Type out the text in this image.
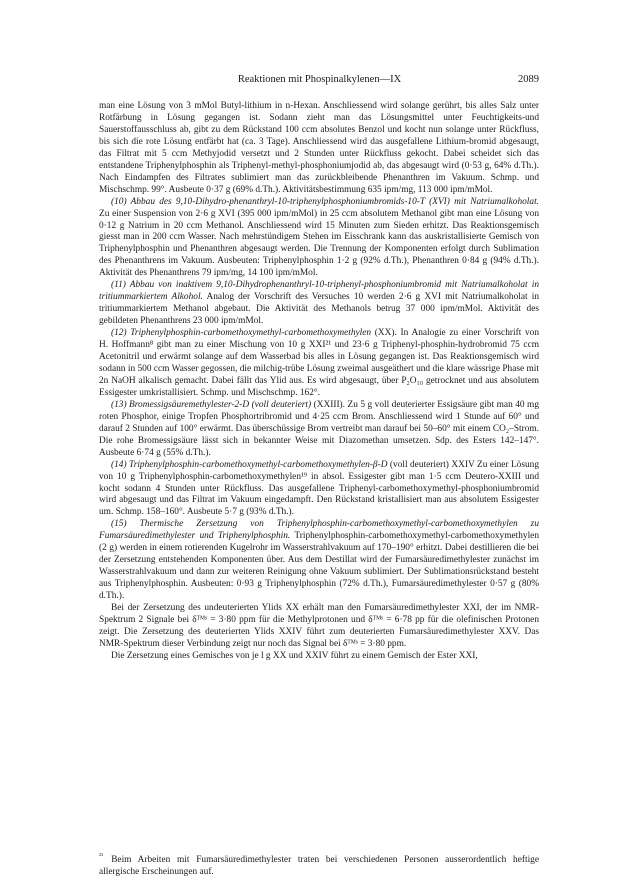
Reaktionen mit Phospinalkylenen—IX	2089

man eine Lösung von 3 mMol Butyl-lithium in n-Hexan. Anschliessend wird solange gerührt, bis alles Salz unter Rotfärbung in Lösung gegangen ist. Sodann zieht man das Lösungsmittel unter Feuchtigkeits-und Sauerstoffausschluss ab, gibt zu dem Rückstand 100 ccm absolutes Benzol und kocht nun solange unter Rückfluss, bis sich die rote Lösung entfärbt hat (ca. 3 Tage). Anschliessend wird das ausgefallene Lithium-bromid abgesaugt, das Filtrat mit 5 ccm Methyjodid versetzt und 2 Stunden unter Rückfluss gekocht. Dabei scheidet sich das entstandene Triphenylphosphin als Triphenyl-methyl-phosphoniumjodid ab, das abgesaugt wird (0·53 g, 64% d.Th.). Nach Eindampfen des Filtrates sublimiert man das zurückbleibende Phenanthren im Vakuum. Schmp. und Mischschmp. 99°. Ausbeute 0·37 g (69% d.Th.). Aktivitätsbestimmung 635 ipm/mg, 113 000 ipm/mMol.

(10) Abbau des 9,10-Dihydro-phenanthryl-10-triphenylphosphoniumbromids-10-T (XVI) mit Natriumalkoholat. Zu einer Suspension von 2·6 g XVI (395 000 ipm/mMol) in 25 ccm absolutem Methanol gibt man eine Lösung von 0·12 g Natrium in 20 ccm Methanol. Anschliessend wird 15 Minuten zum Sieden erhitzt. Das Reaktionsgemisch giesst man in 200 ccm Wasser. Nach mehrstündigem Stehen im Eisschrank kann das auskristallisierte Gemisch von Triphenylphosphin und Phenanthren abgesaugt werden. Die Trennung der Komponenten erfolgt durch Sublimation des Phenanthrens im Vakuum. Ausbeuten: Triphenylphosphin 1·2 g (92% d.Th.), Phenanthren 0·84 g (94% d.Th.). Aktivität des Phenanthrens 79 ipm/mg, 14 100 ipm/mMol.

(11) Abbau von inaktivem 9,10-Dihydrophenanthryl-10-triphenyl-phosphoniumbromid mit Natriumalkoholat in tritiummarkiertem Alkohol. Analog der Vorschrift des Versuches 10 werden 2·6 g XVI mit Natriumalkoholat in tritiummarkiertem Methanol abgebaut. Die Aktivität des Methanols betrug 37 000 ipm/mMol. Aktivität des gebildeten Phenanthrens 23 000 ipm/mMol.

(12) Triphenylphosphin-carbomethoxymethyl-carbomethoxymethylen (XX). In Analogie zu einer Vorschrift von H. Hoffmann⁸ gibt man zu einer Mischung von 10 g XXI²¹ und 23·6 g Triphenyl-phosphin-hydrobromid 75 ccm Acetonitril und erwärmt solange auf dem Wasserbad bis alles in Lösung gegangen ist. Das Reaktionsgemisch wird sodann in 500 ccm Wasser gegossen, die milchig-trübe Lösung zweimal ausgeäthert und die klare wässrige Phase mit 2n NaOH alkalisch gemacht. Dabei fällt das Ylid aus. Es wird abgesaugt, über P₂O₁₀ getrocknet und aus absolutem Essigester umkristallisiert. Schmp. und Mischschmp. 162°.

(13) Bromessigsäuremethylester-2-D (voll deuteriert) (XXIII). Zu 5 g voll deuterierter Essigsäure gibt man 40 mg roten Phosphor, einige Tropfen Phosphortribromid und 4·25 ccm Brom. Anschliessend wird 1 Stunde auf 60° und darauf 2 Stunden auf 100° erwärmt. Das überschüssige Brom vertreibt man darauf bei 50–60° mit einem CO₂–Strom. Die rohe Bromessigsäure lässt sich in bekannter Weise mit Diazomethan umsetzen. Sdp. des Esters 142–147°. Ausbeute 6·74 g (55% d.Th.).

(14) Triphenylphosphin-carbomethoxymethyl-carbomethoxymethylen-β-D (voll deuteriert) XXIV Zu einer Lösung von 10 g Triphenylphosphin-carbomethoxymethylen¹⁹ in absol. Essigester gibt man 1·5 ccm Deutero-XXIII und kocht sodann 4 Stunden unter Rückfluss. Das ausgefallene Triphenyl-carbomethoxymethyl-phosphoniumbromid wird abgesaugt und das Filtrat im Vakuum eingedampft. Den Rückstand kristallisiert man aus absolutem Essigester um. Schmp. 158–160°. Ausbeute 5·7 g (93% d.Th.).

(15) Thermische Zersetzung von Triphenylphosphin-carbomethoxymethyl-carbomethoxymethylen zu Fumarsäuredimethylester und Triphenylphosphin. Triphenylphosphin-carbomethoxymethyl-carbomethoxymethylen (2 g) werden in einem rotierenden Kugelrohr im Wasserstrahlvakuum auf 170–190° erhitzt. Dabei destillieren die bei der Zersetzung entstehenden Komponenten über. Aus dem Destillat wird der Fumarsäuredimethylester zunächst im Wasserstrahlvakuum und dann zur weiteren Reinigung ohne Vakuum sublimiert. Der Sublimationsrückstand besteht aus Triphenylphosphin. Ausbeuten: 0·93 g Triphenylphosphin (72% d.Th.), Fumarsäuredimethylester 0·57 g (80% d.Th.).

Bei der Zersetzung des undeuterierten Ylids XX erhält man den Fumarsäuredimethylester XXI, der im NMR-Spektrum 2 Signale bei δᵀᴹˢ = 3·80 ppm für die Methylprotonen und δᵀᴹˢ = 6·78 pp für die olefinischen Protonen zeigt. Die Zersetzung des deuterierten Ylids XXIV führt zum deuterierten Fumarsäuredimethylester XXV. Das NMR-Spektrum dieser Verbindung zeigt nur noch das Signal bei δᵀᴹˢ = 3·80 ppm.

Die Zersetzung eines Gemisches von je l g XX und XXIV führt zu einem Gemisch der Ester XXI,

$^{^{21}}$ Beim Arbeiten mit Fumarsäuredimethylester traten bei verschiedenen Personen ausserordentlich heftige allergische Erscheinungen auf.
